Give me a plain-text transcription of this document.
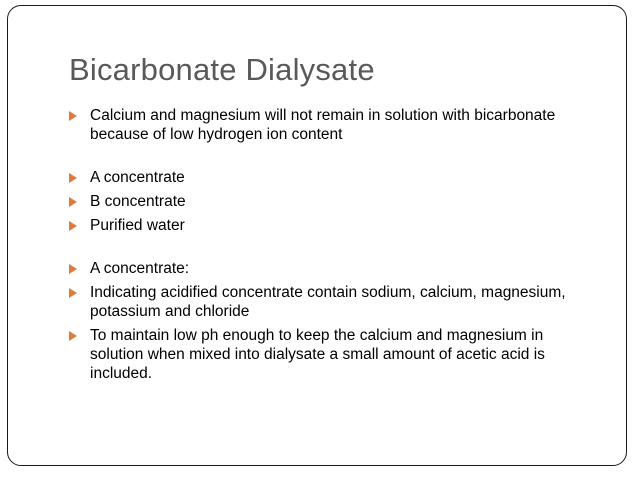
Bicarbonate Dialysate
Calcium and magnesium will not remain in solution with bicarbonate because of low hydrogen ion content
A concentrate
B concentrate
Purified water
A concentrate:
Indicating acidified concentrate contain sodium, calcium, magnesium, potassium and chloride
To maintain low ph enough to keep the calcium and magnesium in solution when mixed into dialysate a small amount of acetic acid is included.
